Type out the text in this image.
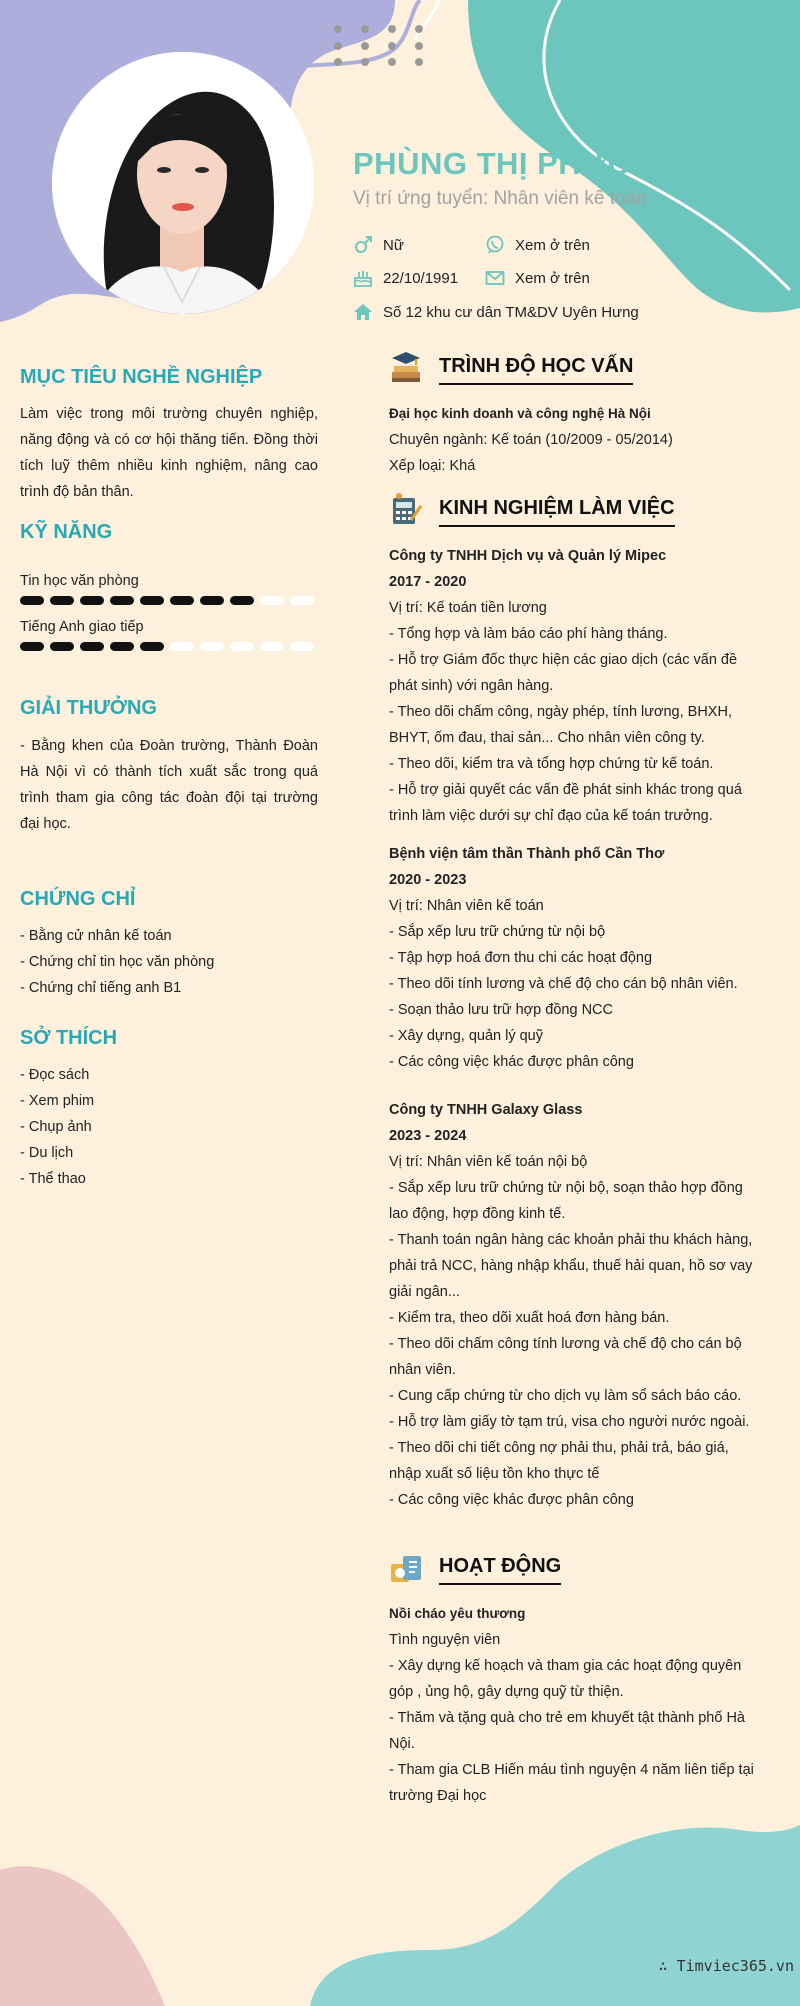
PHÙNG THỊ PHƯƠNG
Vị trí ứng tuyển: Nhân viên kế toán
Nữ	Xem ở trên
22/10/1991	Xem ở trên
Số 12 khu cư dân TM&DV Uyên Hưng
MỤC TIÊU NGHỀ NGHIỆP
Làm việc trong môi trường chuyên nghiệp, năng động và có cơ hội thăng tiến. Đồng thời tích luỹ thêm nhiều kinh nghiệm, nâng cao trình độ bản thân.
KỸ NĂNG
Tin học văn phòng
Tiếng Anh giao tiếp
GIẢI THƯỞNG
- Bằng khen của Đoàn trường, Thành Đoàn Hà Nội vì có thành tích xuất sắc trong quá trình tham gia công tác đoàn đội tại trường đại học.
CHỨNG CHỈ
- Bằng cử nhân kế toán
- Chứng chỉ tin học văn phòng
- Chứng chỉ tiếng anh B1
SỞ THÍCH
- Đọc sách
- Xem phim
- Chụp ảnh
- Du lịch
- Thể thao
TRÌNH ĐỘ HỌC VẤN
Đại học kinh doanh và công nghệ Hà Nội
Chuyên ngành: Kế toán (10/2009 - 05/2014)
Xếp loại: Khá
KINH NGHIỆM LÀM VIỆC
Công ty TNHH Dịch vụ và Quản lý Mipec
2017 - 2020
Vị trí: Kế toán tiền lương
- Tổng hợp và làm báo cáo phí hàng tháng.
- Hỗ trợ Giám đốc thực hiện các giao dịch (các vấn đề phát sinh) với ngân hàng.
- Theo dõi chấm công, ngày phép, tính lương, BHXH, BHYT, ốm đau, thai sản... Cho nhân viên công ty.
- Theo dõi, kiểm tra và tổng hợp chứng từ kế toán.
- Hỗ trợ giải quyết các vấn đề phát sinh khác trong quá trình làm việc dưới sự chỉ đạo của kế toán trưởng.
Bệnh viện tâm thần Thành phố Cần Thơ
2020 - 2023
Vị trí: Nhân viên kế toán
- Sắp xếp lưu trữ chứng từ nội bộ
- Tập hợp hoá đơn thu chi các hoạt động
- Theo dõi tính lương và chế độ cho cán bộ nhân viên.
- Soạn thảo lưu trữ hợp đồng NCC
- Xây dựng, quản lý quỹ
- Các công việc khác được phân công
Công ty TNHH Galaxy Glass
2023 - 2024
Vị trí: Nhân viên kế toán nội bộ
- Sắp xếp lưu trữ chứng từ nội bộ, soạn thảo hợp đồng lao động, hợp đồng kinh tế.
- Thanh toán ngân hàng các khoản phải thu khách hàng, phải trả NCC, hàng nhập khẩu, thuế hải quan, hồ sơ vay giải ngân...
- Kiểm tra, theo dõi xuất hoá đơn hàng bán.
- Theo dõi chấm công tính lương và chế độ cho cán bộ nhân viên.
- Cung cấp chứng từ cho dịch vụ làm sổ sách báo cáo.
- Hỗ trợ làm giấy tờ tạm trú, visa cho người nước ngoài.
- Theo dõi chi tiết công nợ phải thu, phải trả, báo giá, nhập xuất số liệu tồn kho thực tế
- Các công việc khác được phân công
HOẠT ĐỘNG
Nồi cháo yêu thương
Tình nguyện viên
- Xây dựng kế hoạch và tham gia các hoạt động quyên góp , ủng hộ, gây dựng quỹ từ thiện.
- Thăm và tặng quà cho trẻ em khuyết tật thành phố Hà Nội.
- Tham gia CLB Hiến máu tình nguyện 4 năm liên tiếp tại trường Đại học
∴ Timviec365.vn
